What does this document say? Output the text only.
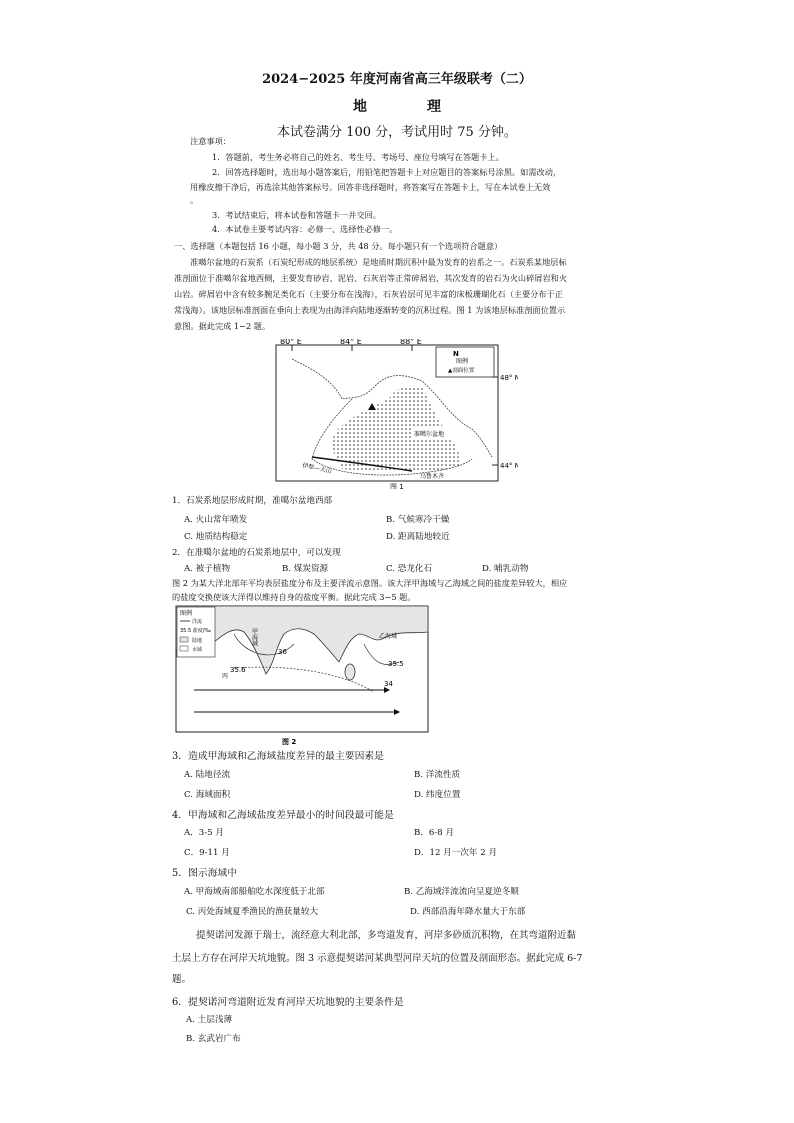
2024−2025 年度河南省高三年级联考（二）
地	理
本试卷满分 100 分，考试用时 75 分钟。
注意事项：
1．答题前，考生务必将自己的姓名、考生号、考场号、座位号填写在答题卡上。
2．回答选择题时，选出每小题答案后，用铅笔把答题卡上对应题目的答案标号涂黑。如需改动，
用橡皮擦干净后，再选涂其他答案标号。回答非选择题时，将答案写在答题卡上，写在本试卷上无效
。
3．考试结束后，将本试卷和答题卡一并交回。
4．本试卷主要考试内容：必修一、选择性必修一。
一、选择题（本题包括 16 小题，每小题 3 分，共 48 分。每小题只有一个选项符合题意）
准噶尔盆地的石炭系（石炭纪形成的地层系统）是地质时期沉积中最为发育的岩系之一。石炭系某地层标
准剖面位于准噶尔盆地西侧，主要发育砂岩、泥岩、石灰岩等正常碎屑岩，其次发育的岩石为火山碎屑岩和火
山岩。碎屑岩中含有较多腕足类化石（主要分布在浅海），石灰岩层可见丰富的床板珊瑚化石（主要分布于正
常浅海）。该地层标准剖面在垂向上表现为由海洋向陆地逐渐转变的沉积过程。图 1 为该地层标准剖面位置示
意图。据此完成 1−2 题。
80° E	84° E	88° E
48° N
44° N
图例
▲剖面位置
N
准噶尔盆地
伊犁—天山
乌鲁木齐
图 1
1．石炭系地层形成时期，准噶尔盆地西部
A. 火山常年喷发	B. 气候寒冷干燥
C. 地质结构稳定	D. 距离陆地较近
2．在准噶尔盆地的石炭系地层中，可以发现
A. 被子植物	B. 煤炭资源	C. 恐龙化石	D. 哺乳动物
图 2 为某大洋北部年平均表层盐度分布及主要洋流示意图。该大洋甲海域与乙海域之间的盐度差异较大，相应
的盐度交换使该大洋得以维持自身的盐度平衡。据此完成 3−5 题。
图例
洋流
35.5 盐度/‰
陆地
水域
甲海域	乙海域
36
35.5
35.6
34
丙
图 2
3．造成甲海域和乙海域盐度差异的最主要因素是
A. 陆地径流	B. 洋流性质
C. 海域面积	D. 纬度位置
4．甲海域和乙海域盐度差异最小的时间段最可能是
A．3-5 月	B．6-8 月
C．9-11 月	D．12 月一次年 2 月
5．图示海域中
A. 甲海域南部船舶吃水深度低于北部	B. 乙海域洋流流向呈夏逆冬顺
C. 丙处海域夏季渔民的渔获量较大	D. 西部沿海年降水量大于东部
提契诺河发源于瑞士，流经意大利北部，多弯道发育，河岸多砂质沉积物，在其弯道附近黏
土层上方存在河岸天坑地貌。图 3 示意提契诺河某典型河岸天坑的位置及剖面形态。据此完成 6-7
题。
6．提契诺河弯道附近发育河岸天坑地貌的主要条件是
A. 土层浅薄
B. 玄武岩广布
